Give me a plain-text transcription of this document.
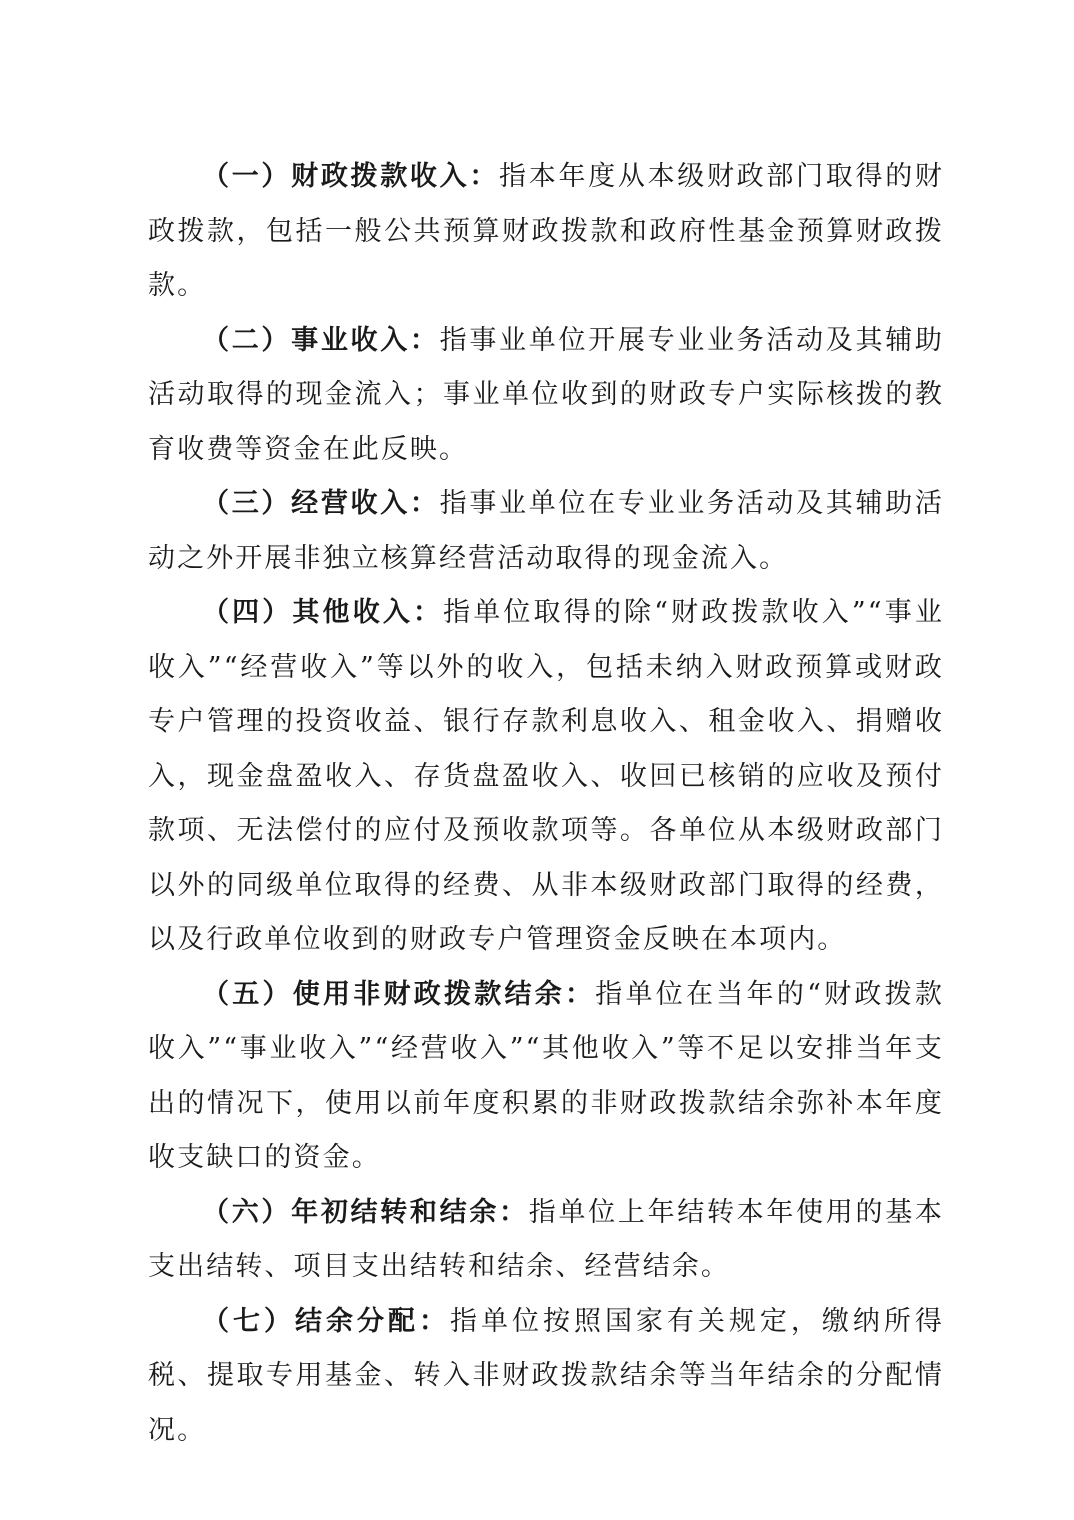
（一）财政拨款收入：指本年度从本级财政部门取得的财政拨款，包括一般公共预算财政拨款和政府性基金预算财政拨款。

（二）事业收入：指事业单位开展专业业务活动及其辅助活动取得的现金流入；事业单位收到的财政专户实际核拨的教育收费等资金在此反映。

（三）经营收入：指事业单位在专业业务活动及其辅助活动之外开展非独立核算经营活动取得的现金流入。

（四）其他收入：指单位取得的除“财政拨款收入”“事业收入”“经营收入”等以外的收入，包括未纳入财政预算或财政专户管理的投资收益、银行存款利息收入、租金收入、捐赠收入，现金盘盈收入、存货盘盈收入、收回已核销的应收及预付款项、无法偿付的应付及预收款项等。各单位从本级财政部门以外的同级单位取得的经费、从非本级财政部门取得的经费，以及行政单位收到的财政专户管理资金反映在本项内。

（五）使用非财政拨款结余：指单位在当年的“财政拨款收入”“事业收入”“经营收入”“其他收入”等不足以安排当年支出的情况下，使用以前年度积累的非财政拨款结余弥补本年度收支缺口的资金。

（六）年初结转和结余：指单位上年结转本年使用的基本支出结转、项目支出结转和结余、经营结余。

（七）结余分配：指单位按照国家有关规定，缴纳所得税、提取专用基金、转入非财政拨款结余等当年结余的分配情况。
